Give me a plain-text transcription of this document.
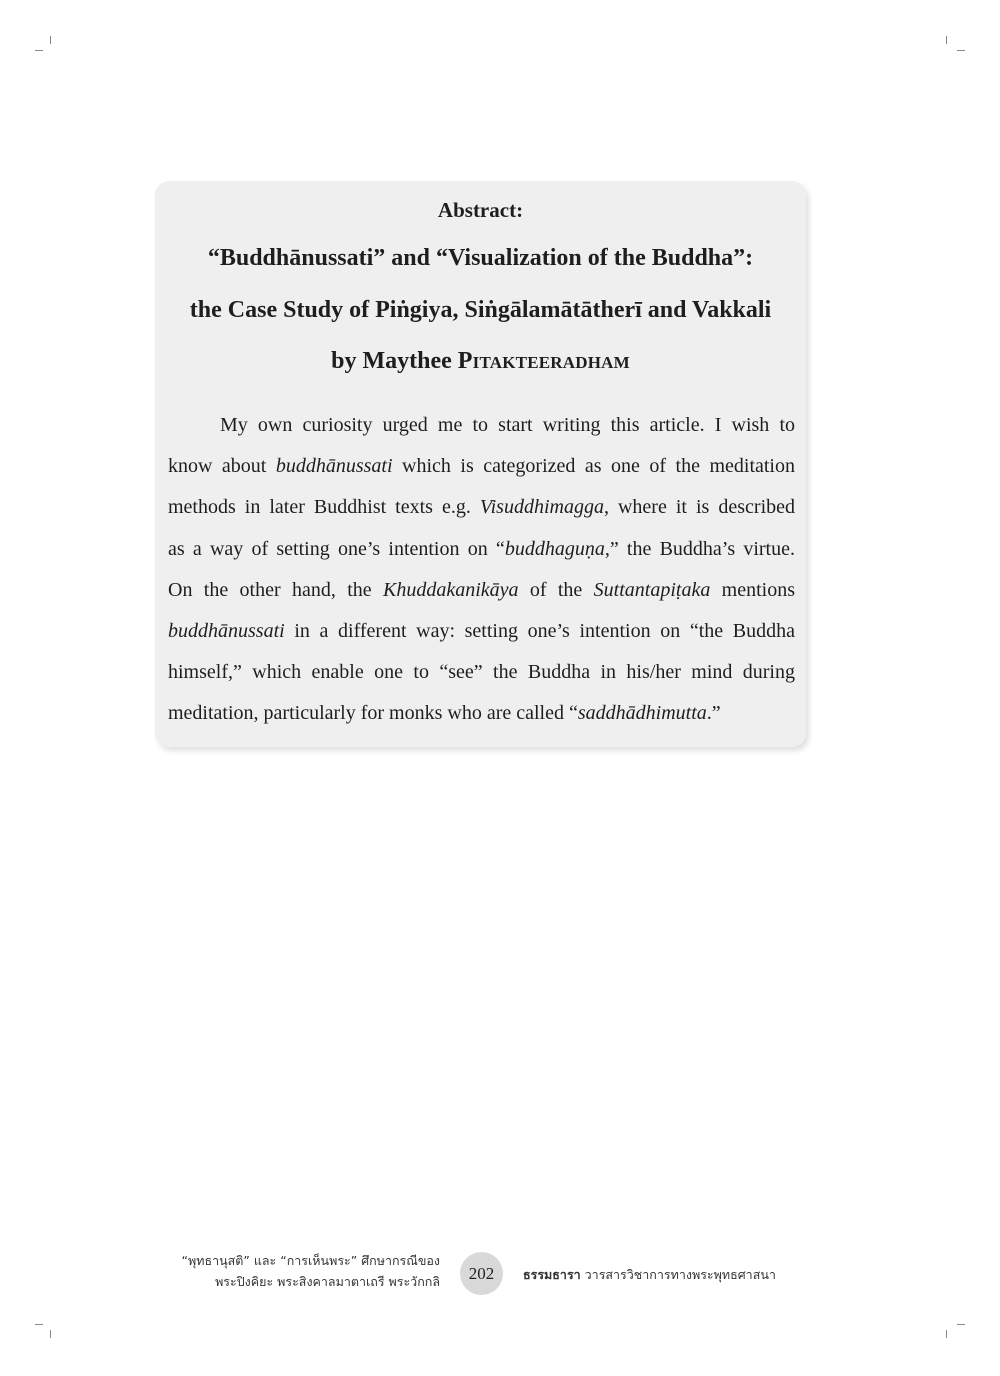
Abstract:
“Buddhānussati” and “Visualization of the Buddha”:
the Case Study of Piṅgiya, Siṅgālamātātherī and Vakkali
by Maythee Pitakteeradham
My own curiosity urged me to start writing this article. I wish to
know about buddhānussati which is categorized as one of the meditation
methods in later Buddhist texts e.g. Visuddhimagga, where it is described
as a way of setting one’s intention on “buddhaguṇa,” the Buddha’s virtue.
On the other hand, the Khuddakanikāya of the Suttantapiṭaka mentions
buddhānussati in a different way: setting one’s intention on “the Buddha
himself,” which enable one to “see” the Buddha in his/her mind during
meditation, particularly for monks who are called “saddhādhimutta.”
“พุทธานุสติ” และ “การเห็นพระ” ศึกษากรณีของ
พระปิงคิยะ พระสิงคาลมาตาเถรี พระวักกลิ	202	ธรรมธารา วารสารวิชาการทางพระพุทธศาสนา
